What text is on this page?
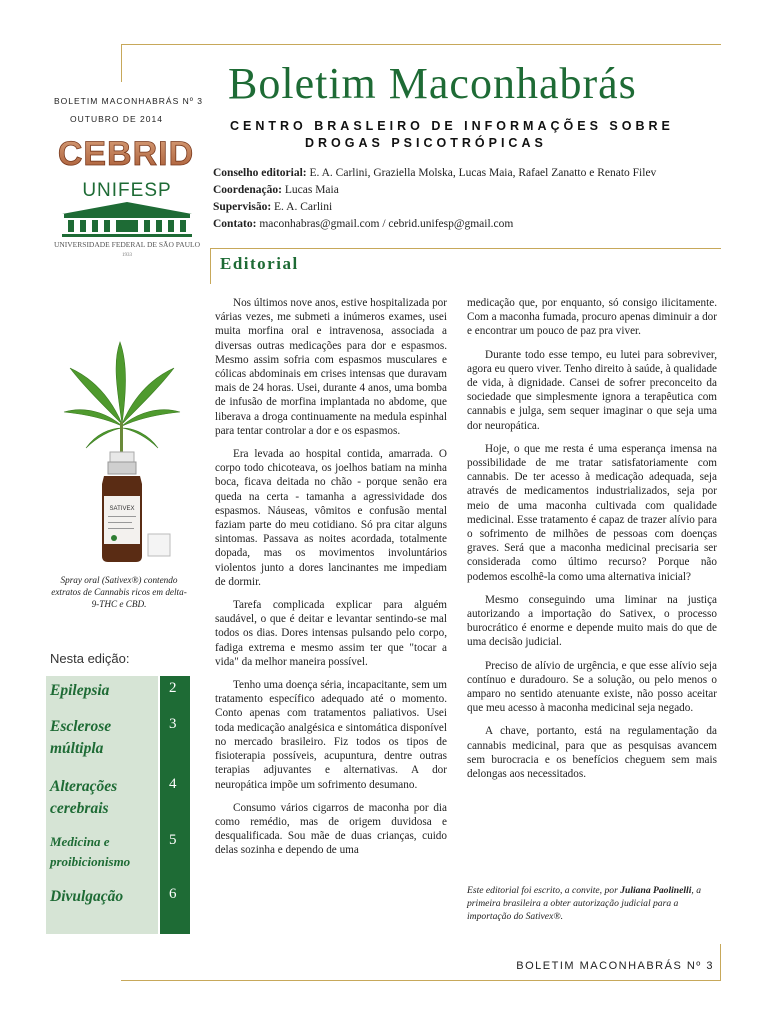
Boletim Maconhabrás
CENTRO BRASLEIRO DE INFORMAÇÕES SOBRE
DROGAS PSICOTRÓPICAS
BOLETIM MACONHABRÁS Nº 3
OUTUBRO DE 2014
CEBRID
UNIFESP
UNIVERSIDADE FEDERAL DE SÃO PAULO
1933
Conselho editorial: E. A. Carlini, Graziella Molska, Lucas Maia, Rafael Zanatto e Renato Filev
Coordenação: Lucas Maia
Supervisão: E. A. Carlini
Contato: maconhabras@gmail.com / cebrid.unifesp@gmail.com
Editorial
SATIVEX
Spray oral (Sativex®) contendo extratos de Cannabis ricos em delta-9-THC e CBD.
Nesta edição:
Epilepsia	2
Esclerose múltipla
3
Alterações cerebrais
4
Medicina e proibicionismo
5
Divulgação	6

Nos últimos nove anos, estive hospitalizada por várias vezes, me submeti a inúmeros exames, usei muita morfina oral e intravenosa, associada a diversas outras medicações para dor e espasmos. Mesmo assim sofria com espasmos musculares e cólicas abdominais em crises intensas que duravam mais de 24 horas. Usei, durante 4 anos, uma bomba de infusão de morfina implantada no abdome, que liberava a droga continuamente na medula espinhal para tentar controlar a dor e os espasmos.

Era levada ao hospital contida, amarrada. O corpo todo chicoteava, os joelhos batiam na minha boca, ficava deitada no chão - porque senão era queda na certa - tamanha a agressividade dos espasmos. Náuseas, vômitos e confusão mental faziam parte do meu cotidiano. Só pra citar alguns sintomas. Passava as noites acordada, totalmente dopada, mas os movimentos involuntários violentos junto a dores lancinantes me impediam de dormir.

Tarefa complicada explicar para alguém saudável, o que é deitar e levantar sentindo-se mal todos os dias. Dores intensas pulsando pelo corpo, fadiga extrema e mesmo assim ter que "tocar a vida" da melhor maneira possível.

Tenho uma doença séria, incapacitante, sem um tratamento específico adequado até o momento. Conto apenas com tratamentos paliativos. Usei toda medicação analgésica e sintomática disponível no mercado brasileiro. Fiz todos os tipos de fisioterapia possíveis, acupuntura, dentre outras terapias adjuvantes e alternativas. A dor neuropática impõe um sofrimento desumano.

Consumo vários cigarros de maconha por dia como remédio, mas de origem duvidosa e desqualificada. Sou mãe de duas crianças, cuido delas sozinha e dependo de uma

medicação que, por enquanto, só consigo ilicitamente. Com a maconha fumada, procuro apenas diminuir a dor e encontrar um pouco de paz pra viver.

Durante todo esse tempo, eu lutei para sobreviver, agora eu quero viver. Tenho direito à saúde, à qualidade de vida, à dignidade. Cansei de sofrer preconceito da sociedade que simplesmente ignora a terapêutica com cannabis e julga, sem sequer imaginar o que seja uma dor neuropática.

Hoje, o que me resta é uma esperança imensa na possibilidade de me tratar satisfatoriamente com cannabis. De ter acesso à medicação adequada, seja através de medicamentos industrializados, seja por meio de uma maconha cultivada com qualidade medicinal. Esse tratamento é capaz de trazer alívio para o sofrimento de milhões de pessoas com doenças graves. Será que a maconha medicinal precisaria ser considerada como último recurso? Porque não podemos escolhê-la como uma alternativa inicial?

Mesmo conseguindo uma liminar na justiça autorizando a importação do Sativex, o processo burocrático é enorme e depende muito mais do que de uma decisão judicial.

Preciso de alívio de urgência, e que esse alívio seja contínuo e duradouro. Se a solução, ou pelo menos o amparo no sentido atenuante existe, não posso aceitar que meu acesso à maconha medicinal seja negado.

A chave, portanto, está na regulamentação da cannabis medicinal, para que as pesquisas avancem sem burocracia e os benefícios cheguem sem mais delongas aos necessitados.

Este editorial foi escrito, a convite, por Juliana Paolinelli, a primeira brasileira a obter autorização judicial para a importação do Sativex®.
BOLETIM MACONHABRÁS Nº 3
